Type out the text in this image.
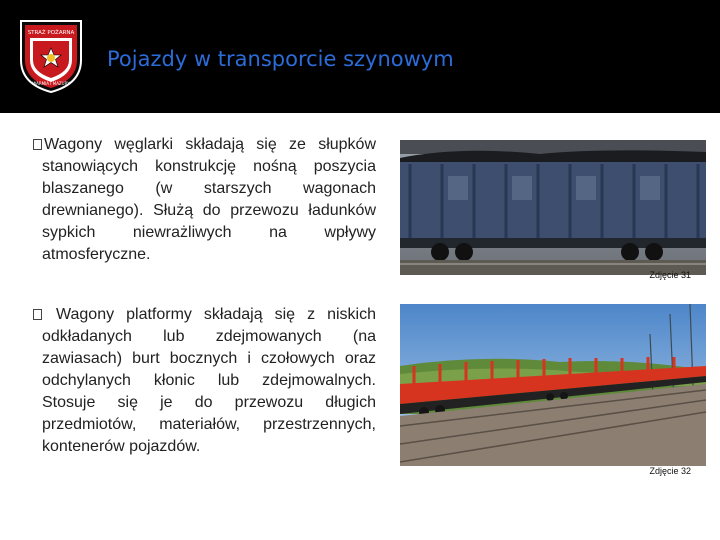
STRAŻ POŻARNA
WARMIA I MAZURY
Pojazdy w transporcie szynowym
Wagony węglarki składają się ze słupków stanowiących konstrukcję nośną poszycia blaszanego (w starszych wagonach drewnianego). Służą do przewozu ładunków sypkich niewrażliwych na wpływy atmosferyczne.
Wagony platformy składają się z niskich odkładanych lub zdejmowanych (na zawiasach) burt bocznych i czołowych oraz odchylanych kłonic lub zdejmowalnych. Stosuje się je do przewozu długich przedmiotów, materiałów, przestrzennych, kontenerów pojazdów.
Zdjęcie 31
Zdjęcie 32
